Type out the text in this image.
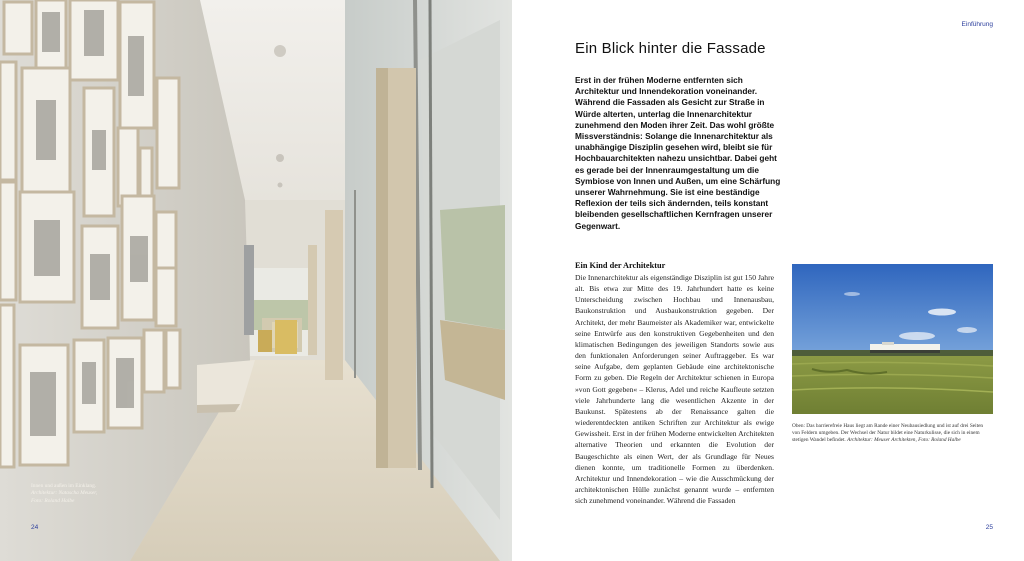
Innen und außen im Einklang.
Architektur: Natascha Meuser,
Foto: Roland Halbe
24
Einführung
Ein Blick hinter die Fassade

Erst in der frühen Moderne entfernten sich Architektur und Innendekoration voneinander. Während die Fassaden als Gesicht zur Straße in Würde alterten, unterlag die Innenarchitektur zunehmend den Moden ihrer Zeit. Das wohl größte Missverständnis: Solange die Innenarchitektur als unabhängige Disziplin gesehen wird, bleibt sie für Hochbauarchitekten nahezu unsichtbar. Dabei geht es gerade bei der Innenraumgestaltung um die Symbiose von Innen und Außen, um eine Schärfung unserer Wahrnehmung. Sie ist eine beständige Reflexion der teils sich ändernden, teils konstant bleibenden gesellschaftlichen Kernfragen unserer Gegenwart.

Ein Kind der Architektur

Die Innenarchitektur als eigenständige Disziplin ist gut 150 Jahre alt. Bis etwa zur Mitte des 19. Jahrhundert hatte es keine Unterscheidung zwischen Hochbau und Innenausbau, Baukonstruktion und Ausbaukonstruktion gegeben. Der Architekt, der mehr Baumeister als Akademiker war, entwickelte seine Entwürfe aus den konstruktiven Gegebenheiten und den klimatischen Bedingungen des jeweiligen Standorts sowie aus den funktionalen Anforderungen seiner Auftraggeber. Es war seine Aufgabe, dem geplanten Gebäude eine architektonische Form zu geben. Die Regeln der Architektur schienen in Europa »von Gott gegeben« – Klerus, Adel und reiche Kaufleute setzten viele Jahrhunderte lang die wesentlichen Akzente in der Baukunst. Spätestens ab der Renaissance galten die wiederentdeckten antiken Schriften zur Architektur als ewige Gewissheit. Erst in der frühen Moderne entwickelten Architekten alternative Theorien und erkannten die Evolution der Baugeschichte als einen Wert, der als Grundlage für Neues dienen konnte, um traditionelle Formen zu überdenken. Architektur und Innendekoration – wie die Ausschmückung der architektonischen Hülle zunächst genannt wurde – entfernten sich zunehmend voneinander. Während die Fassaden

Oben: Das barrierefreie Haus liegt am Rande einer Neubausiedlung und ist auf drei Seiten von Feldern umgeben. Der Wechsel der Natur bildet eine Naturkulisse, die sich in einem stetigen Wandel befindet. Architektur: Meuser Architekten, Foto: Roland Halbe
25
